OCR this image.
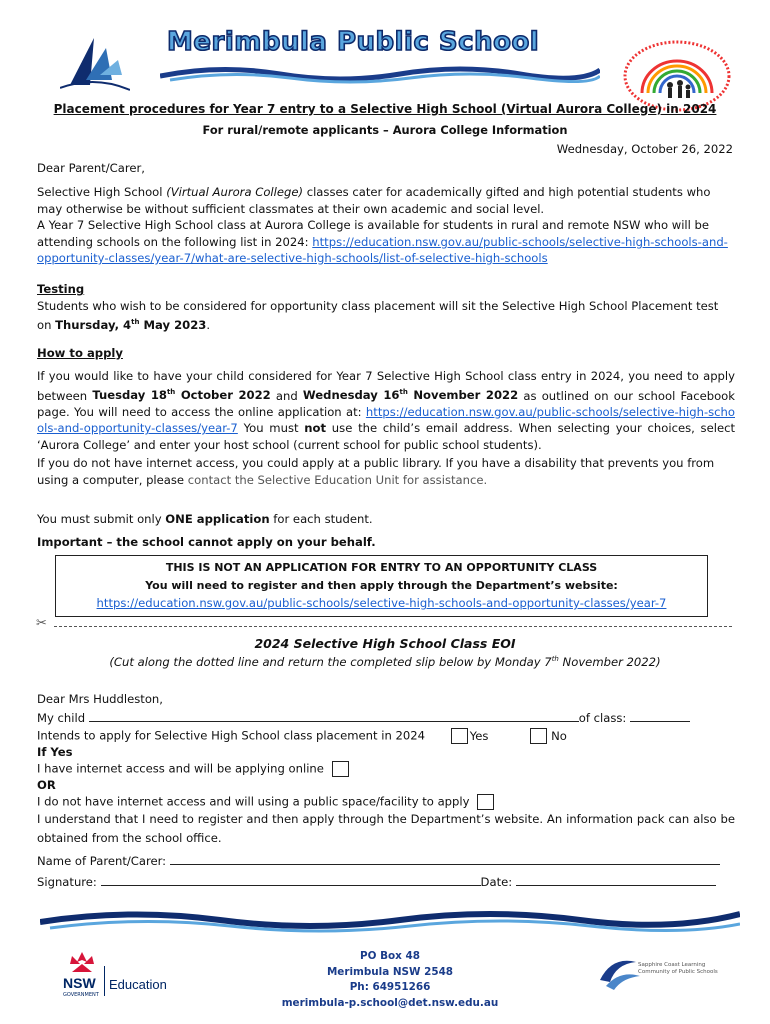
Merimbula Public School
Placement procedures for Year 7 entry to a Selective High School (Virtual Aurora College) in 2024
For rural/remote applicants – Aurora College Information
Wednesday, October 26, 2022
Dear Parent/Carer,
Selective High School (Virtual Aurora College) classes cater for academically gifted and high potential students who may otherwise be without sufficient classmates at their own academic and social level.
A Year 7 Selective High School class at Aurora College is available for students in rural and remote NSW who will be attending schools on the following list in 2024: https://education.nsw.gov.au/public-schools/selective-high-schools-and-opportunity-classes/year-7/what-are-selective-high-schools/list-of-selective-high-schools
Testing
Students who wish to be considered for opportunity class placement will sit the Selective High School Placement test on Thursday, 4th May 2023.
How to apply
If you would like to have your child considered for Year 7 Selective High School class entry in 2024, you need to apply between Tuesday 18th October 2022 and Wednesday 16th November 2022 as outlined on our school Facebook page. You will need to access the online application at: https://education.nsw.gov.au/public-schools/selective-high-schools-and-opportunity-classes/year-7 You must not use the child’s email address. When selecting your choices, select ‘Aurora College’ and enter your host school (current school for public school students).
If you do not have internet access, you could apply at a public library. If you have a disability that prevents you from using a computer, please contact the Selective Education Unit for assistance.
You must submit only ONE application for each student.
Important – the school cannot apply on your behalf.
THIS IS NOT AN APPLICATION FOR ENTRY TO AN OPPORTUNITY CLASS
You will need to register and then apply through the Department’s website:
https://education.nsw.gov.au/public-schools/selective-high-schools-and-opportunity-classes/year-7
✂
2024 Selective High School Class EOI
(Cut along the dotted line and return the completed slip below by Monday 7th November 2022)
Dear Mrs Huddleston,
My child	of class:
Intends to apply for Selective High School class placement in 2024	Yes	No
If Yes
I have internet access and will be applying online
OR
I do not have internet access and will using a public space/facility to apply
I understand that I need to register and then apply through the Department’s website. An information pack can also be obtained from the school office.
Name of Parent/Carer:
Signature:	Date:
NSW
GOVERNMENT
Education
PO Box 48
Merimbula NSW 2548
Ph: 64951266
merimbula-p.school@det.nsw.edu.au
Sapphire Coast Learning
Community of Public Schools
